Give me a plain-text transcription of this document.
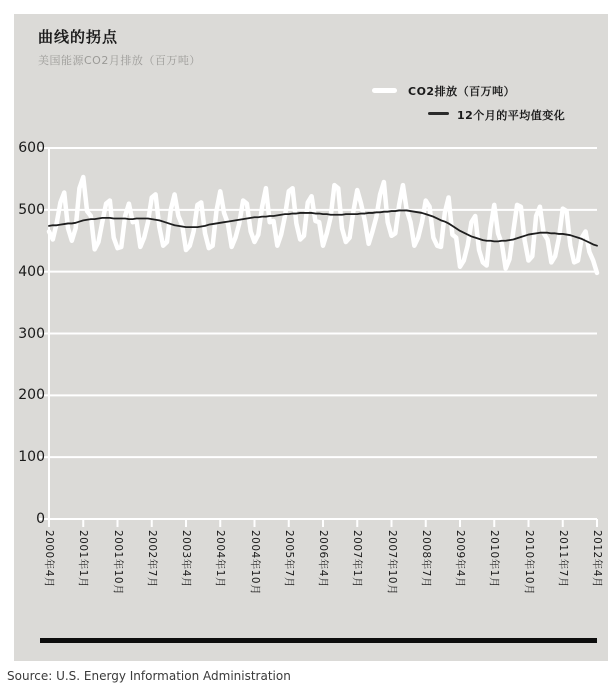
曲线的拐点
美国能源CO2月排放（百万吨）
CO2排放（百万吨）
12个月的平均值变化
0
100
200
300
400
500
600
2000年4月 2001年1月 2001年10月 2002年7月 2003年4月 2004年1月 2004年10月 2005年7月 2006年4月 2007年1月 2007年10月 2008年7月 2009年4月 2010年1月 2010年10月 2011年7月 2012年4月
Source: U.S. Energy Information Administration
